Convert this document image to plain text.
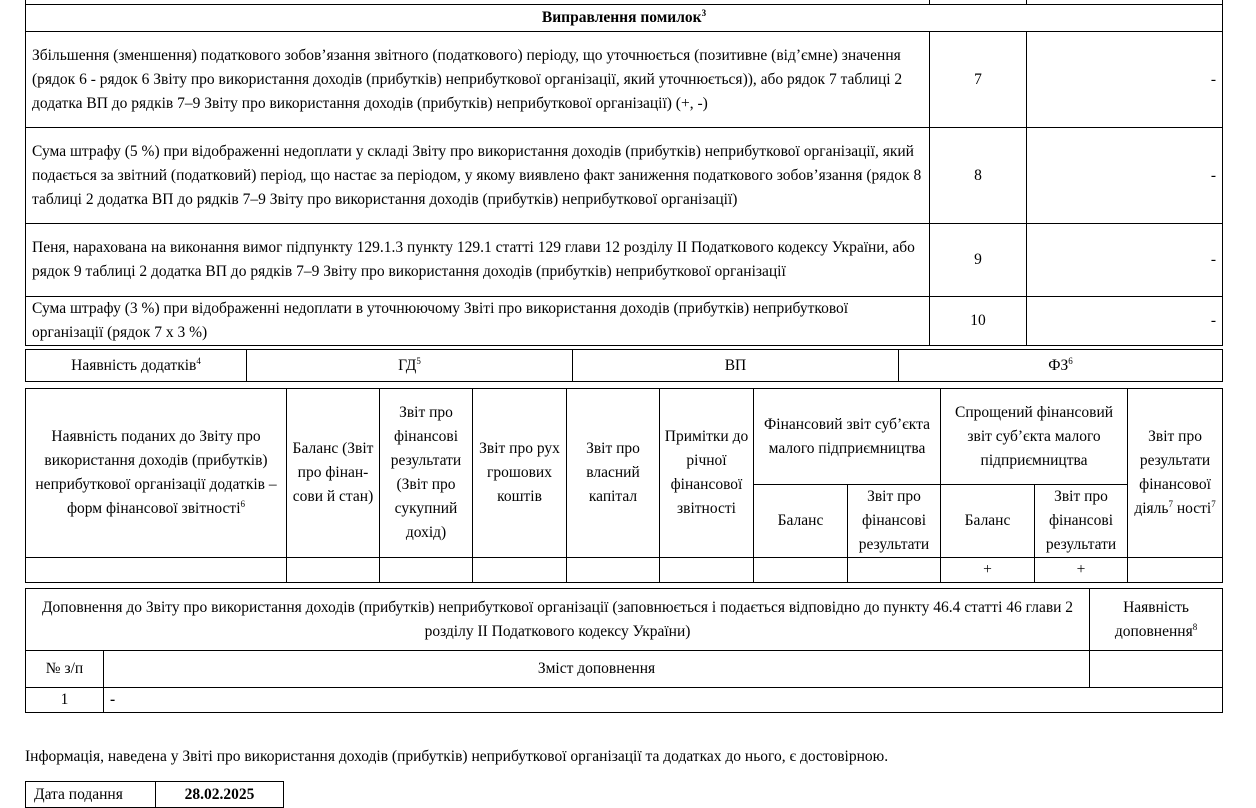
Виправлення помилок$^3$
Збільшення (зменшення) податкового зобов’язання звітного (податкового) періоду, що уточнюється (позитивне (від’ємне) значення (рядок 6 - рядок 6 Звіту про використання доходів (прибутків) неприбуткової організації, який уточнюється)), або рядок 7 таблиці 2 додатка ВП до рядків 7–9 Звіту про використання доходів (прибутків) неприбуткової організації) (+, -)	7	-
Сума штрафу (5 %) при відображенні недоплати у складі Звіту про використання доходів (прибутків) неприбуткової організації, який подається за звітний (податковий) період, що настає за періодом, у якому виявлено факт заниження податкового зобов’язання (рядок 8 таблиці 2 додатка ВП до рядків 7–9 Звіту про використання доходів (прибутків) неприбуткової організації)	8	-
Пеня, нарахована на виконання вимог підпункту 129.1.3 пункту 129.1 статті 129 глави 12 розділу ІІ Податкового кодексу України, або рядок 9 таблиці 2 додатка ВП до рядків 7–9 Звіту про використання доходів (прибутків) неприбуткової організації	9	-
Сума штрафу (3 %) при відображенні недоплати в уточнюючому Звіті про використання доходів (прибутків) неприбуткової організації (рядок 7 х 3 %)	10	-
Наявність додатків$^4$	$ГД^5$	ВП	$ФЗ^6$
Наявність поданих до Звіту про використання доходів (прибутків) неприбуткової організації додатків – форм фінансової звітності$^6$	Баланс (Звіт про фінан-сови й стан)	Звіт про фінансові результати (Звіт про сукупний дохід)	Звіт про рух грошових коштів	Звіт про власний капітал	Примітки до річної фінансової звітності	Фінансовий звіт суб’єкта малого підприємництва		Спрощений фінансовий звіт суб’єкта малого підприємництва		Звіт про результати фінансової діяль$^7$ ності$^7$
						Баланс	Звіт про фінансові результати	Баланс	Звіт про фінансові результати	
								+	+	
Доповнення до Звіту про використання доходів (прибутків) неприбуткової організації (заповнюється і подається відповідно до пункту 46.4 статті 46 глави 2 розділу ІІ Податкового кодексу України)		Наявність доповнення$^8$
№ з/п	Зміст доповнення	
1	-	
Інформація, наведена у Звіті про використання доходів (прибутків) неприбуткової організації та додатках до нього, є достовірною.
Дата подання	28.02.2025
